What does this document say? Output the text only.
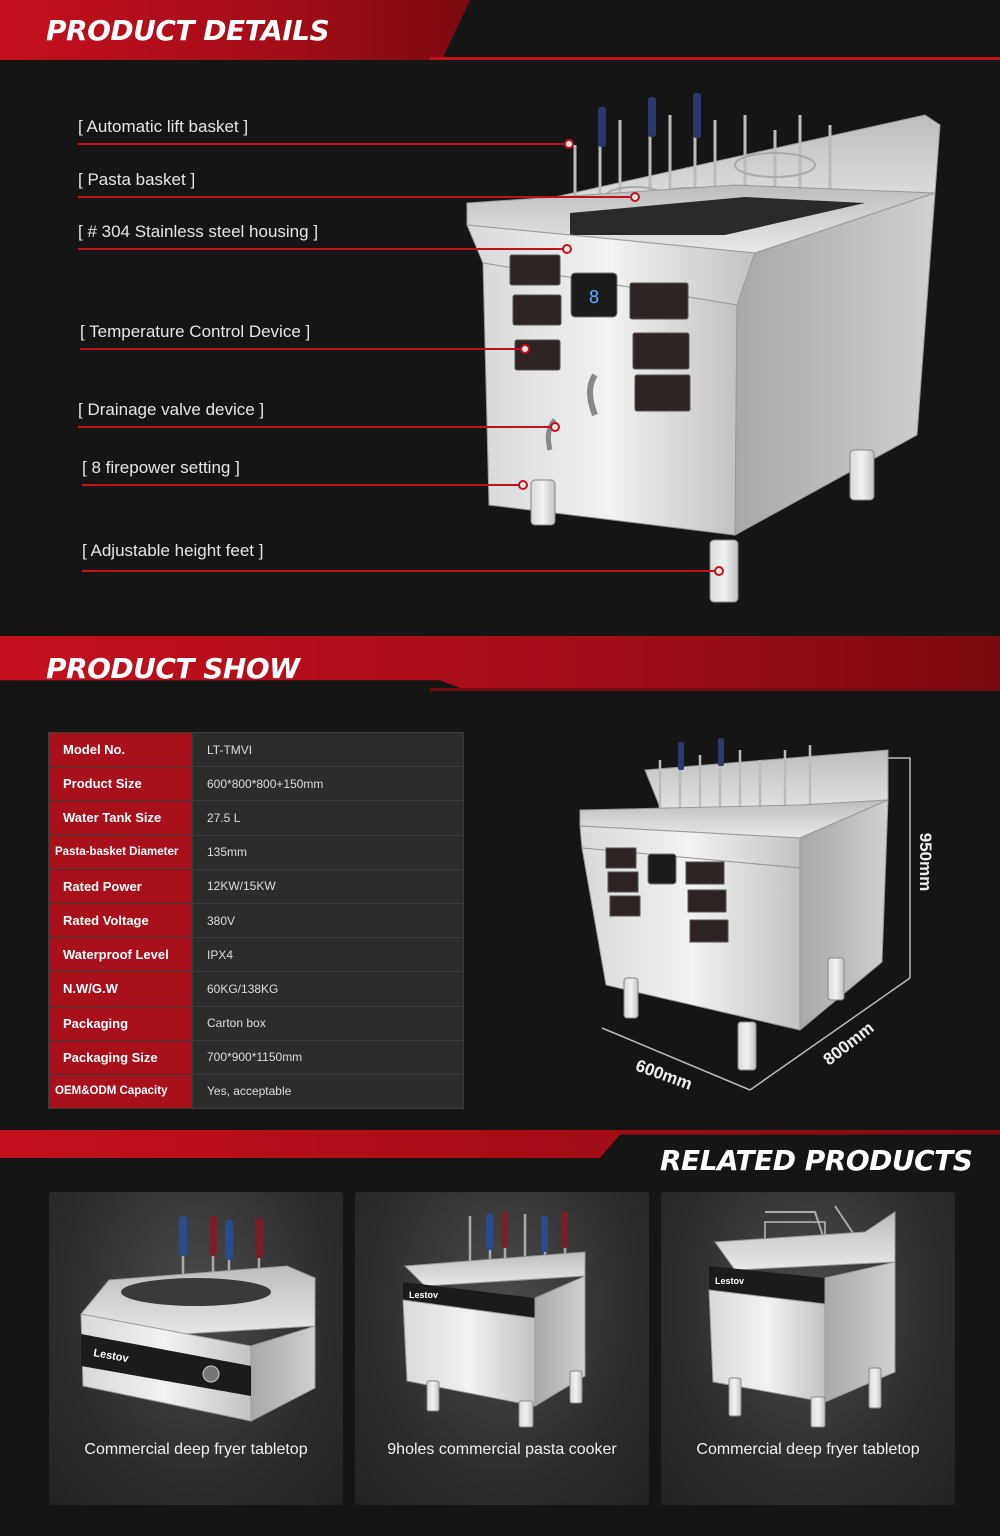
PRODUCT DETAILS
8
[ Automatic lift basket ]
[ Pasta basket ]
[ # 304 Stainless steel housing ]
[ Temperature Control Device ]
[ Drainage valve device ]
[ 8 firepower setting ]
[ Adjustable height feet ]
PRODUCT SHOW
Model No.	LT-TMVI
Product Size	600*800*800+150mm
Water Tank Size	27.5 L
Pasta-basket Diameter	135mm
Rated Power	12KW/15KW
Rated Voltage	380V
Waterproof Level	IPX4
N.W/G.W	60KG/138KG
Packaging	Carton box
Packaging Size	700*900*1150mm
OEM&ODM Capacity	Yes, acceptable
950mm
800mm
600mm
RELATED PRODUCTS
Lestov
Commercial deep fryer tabletop
Lestov
9holes commercial pasta cooker
Lestov
Commercial deep fryer tabletop
